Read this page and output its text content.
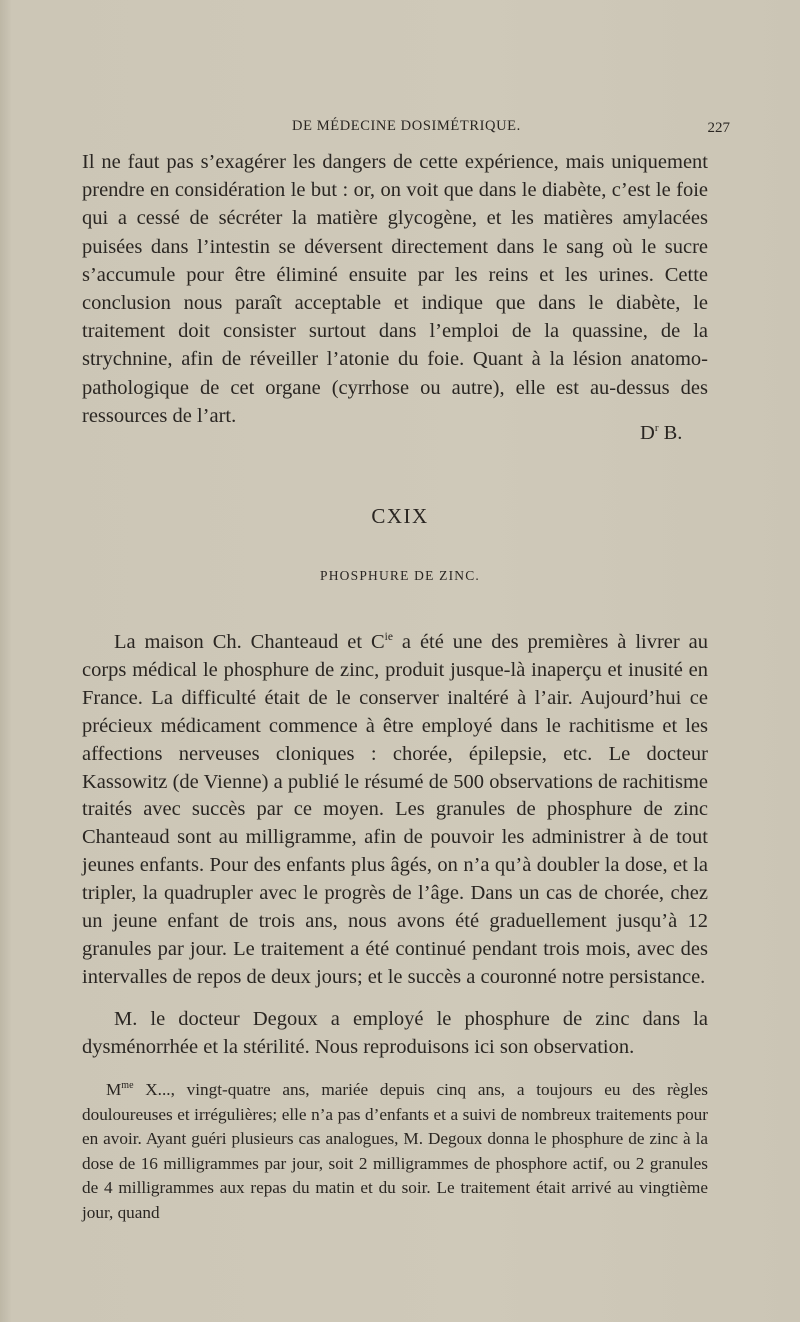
DE MÉDECINE DOSIMÉTRIQUE.	227
Il ne faut pas s’exagérer les dangers de cette expérience, mais uniquement prendre en considération le but : or, on voit que dans le diabète, c’est le foie qui a cessé de sécréter la matière glycogène, et les matières amylacées puisées dans l’intestin se déversent directement dans le sang où le sucre s’accumule pour être éliminé ensuite par les reins et les urines. Cette conclusion nous paraît acceptable et indique que dans le diabète, le traitement doit consister surtout dans l’emploi de la quassine, de la strychnine, afin de réveiller l’atonie du foie. Quant à la lésion anatomo-pathologique de cet organe (cyrrhose ou autre), elle est au-dessus des ressources de l’art.
$D^r$ B.
CXIX
PHOSPHURE DE ZINC.
La maison Ch. Chanteaud et $C^{ie}$ a été une des premières à livrer au corps médical le phosphure de zinc, produit jusque-là inaperçu et inusité en France. La difficulté était de le conserver inaltéré à l’air. Aujourd’hui ce précieux médicament commence à être employé dans le rachitisme et les affections nerveuses cloniques : chorée, épilepsie, etc. Le docteur Kassowitz (de Vienne) a publié le résumé de 500 observations de rachitisme traités avec succès par ce moyen. Les granules de phosphure de zinc Chanteaud sont au milligramme, afin de pouvoir les administrer à de tout jeunes enfants. Pour des enfants plus âgés, on n’a qu’à doubler la dose, et la tripler, la quadrupler avec le progrès de l’âge. Dans un cas de chorée, chez un jeune enfant de trois ans, nous avons été graduellement jusqu’à 12 granules par jour. Le traitement a été continué pendant trois mois, avec des intervalles de repos de deux jours; et le succès a couronné notre persistance.
M. le docteur Degoux a employé le phosphure de zinc dans la dysménorrhée et la stérilité. Nous reproduisons ici son observation.
$M^{me}$ X..., vingt-quatre ans, mariée depuis cinq ans, a toujours eu des règles douloureuses et irrégulières; elle n’a pas d’enfants et a suivi de nombreux traitements pour en avoir. Ayant guéri plusieurs cas analogues, M. Degoux donna le phosphure de zinc à la dose de 16 milligrammes par jour, soit 2 milligrammes de phosphore actif, ou 2 granules de 4 milligrammes aux repas du matin et du soir. Le traitement était arrivé au vingtième jour, quand
